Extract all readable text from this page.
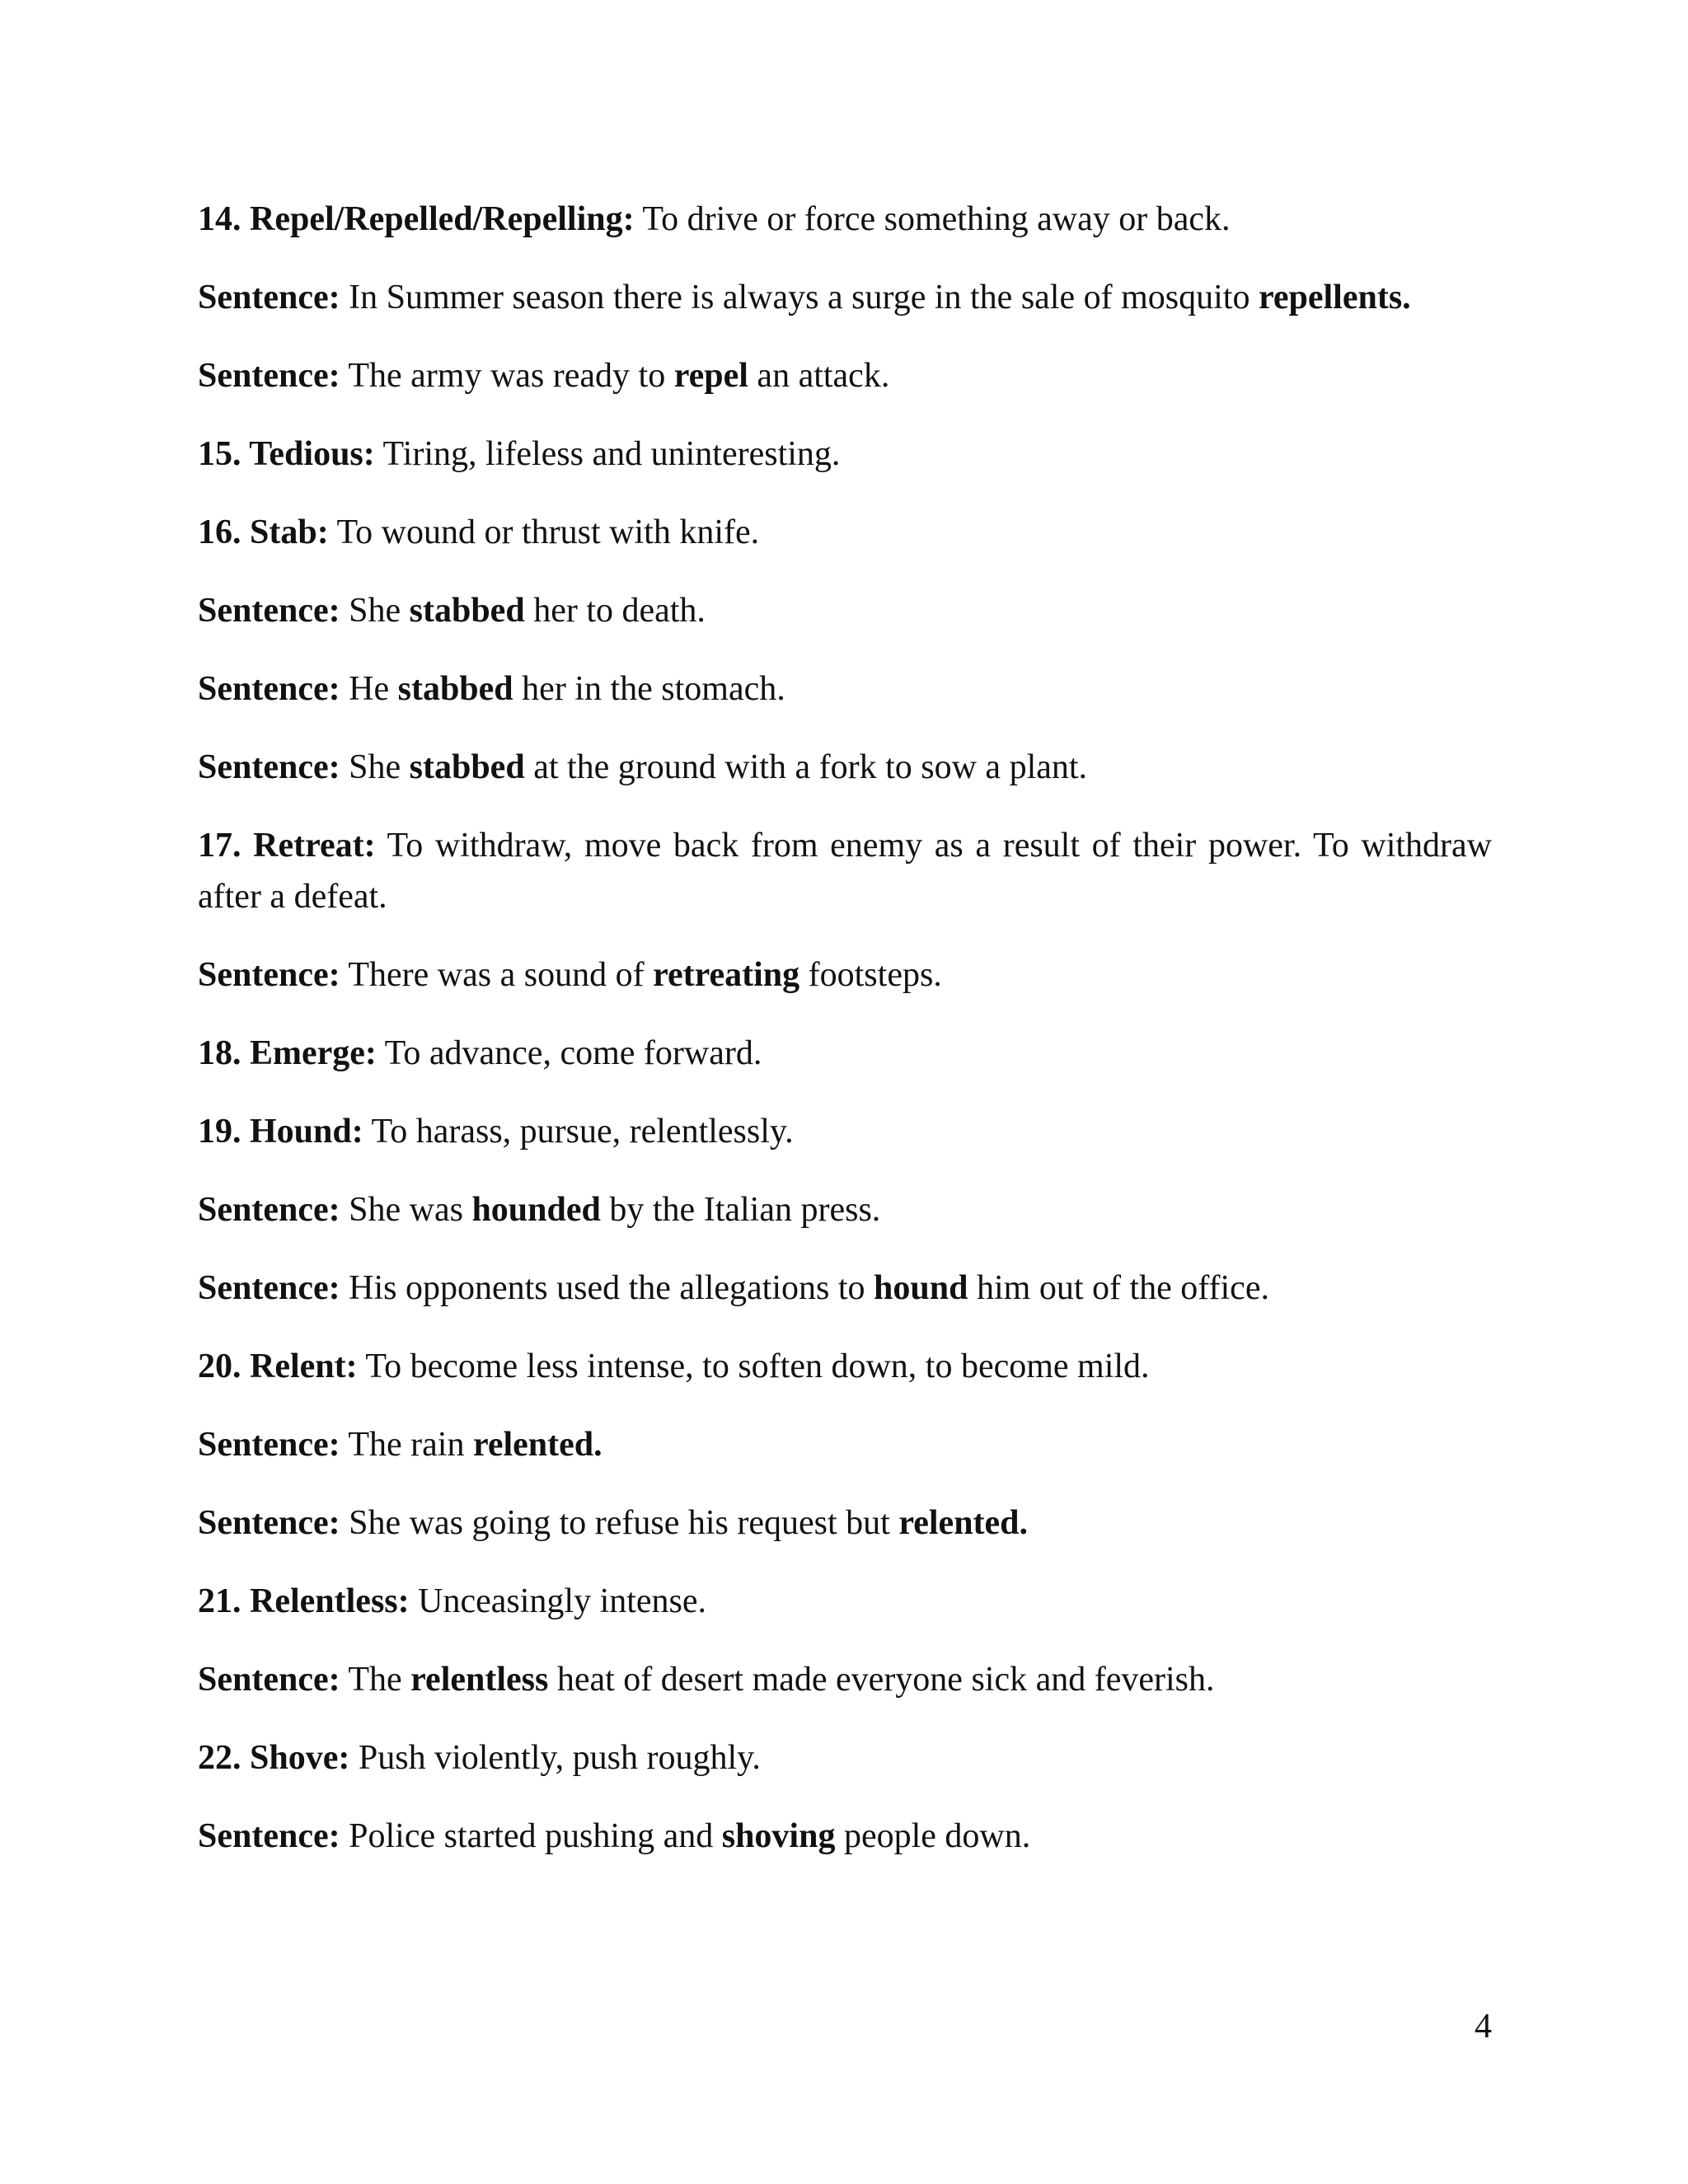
14. Repel/Repelled/Repelling: To drive or force something away or back.

Sentence: In Summer season there is always a surge in the sale of mosquito repellents.

Sentence: The army was ready to repel an attack.

15. Tedious: Tiring, lifeless and uninteresting.

16. Stab: To wound or thrust with knife.

Sentence: She stabbed her to death.

Sentence: He stabbed her in the stomach.

Sentence: She stabbed at the ground with a fork to sow a plant.

17. Retreat: To withdraw, move back from enemy as a result of their power. To withdraw after a defeat.

Sentence: There was a sound of retreating footsteps.

18. Emerge: To advance, come forward.

19. Hound: To harass, pursue, relentlessly.

Sentence: She was hounded by the Italian press.

Sentence: His opponents used the allegations to hound him out of the office.

20. Relent: To become less intense, to soften down, to become mild.

Sentence: The rain relented.

Sentence: She was going to refuse his request but relented.

21. Relentless: Unceasingly intense.

Sentence: The relentless heat of desert made everyone sick and feverish.

22. Shove: Push violently, push roughly.

Sentence: Police started pushing and shoving people down.

4
